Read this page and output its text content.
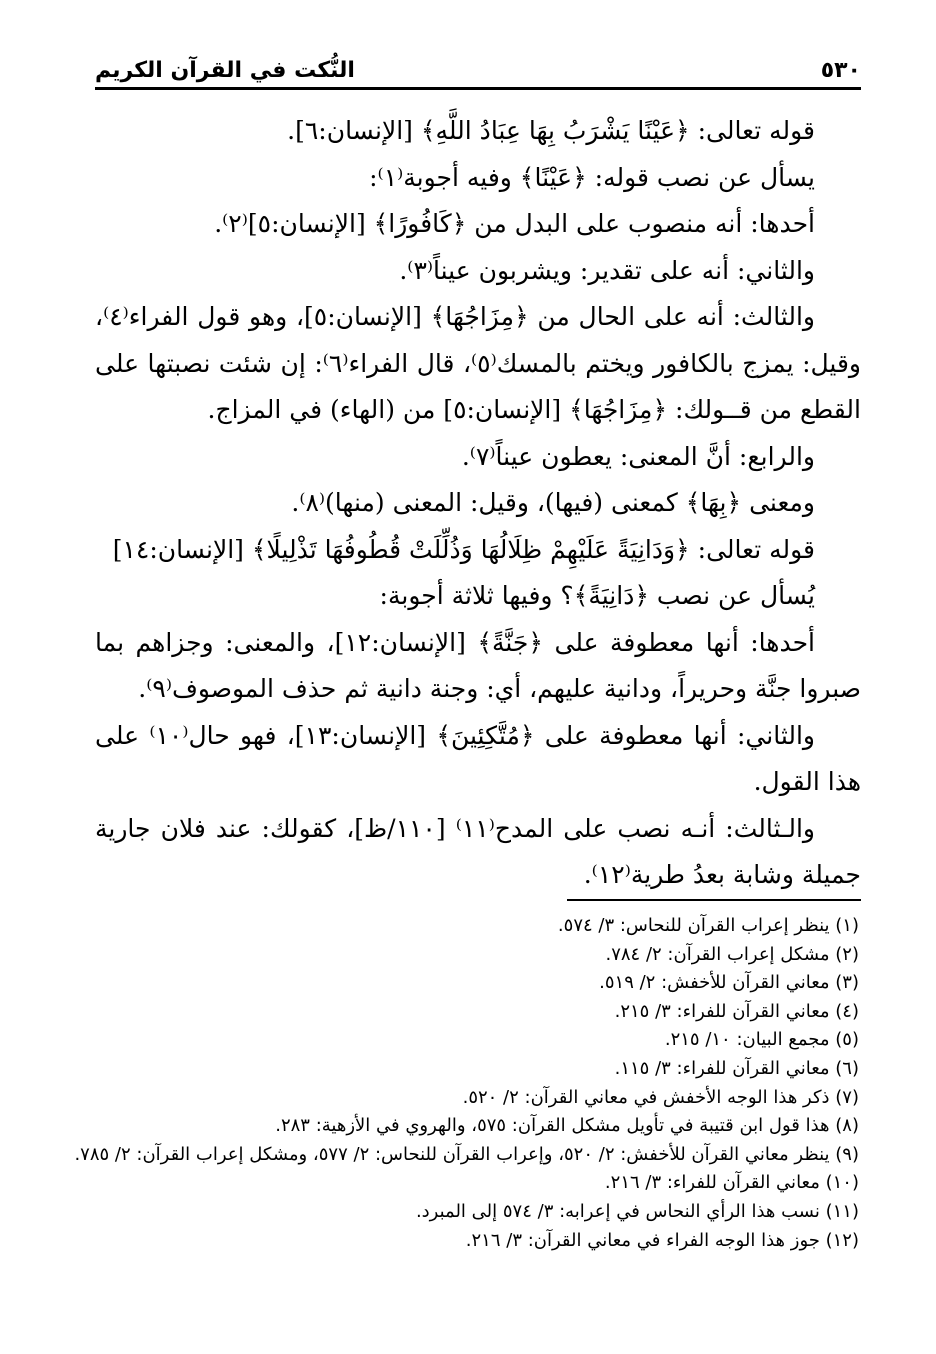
٥٣٠
النُّكت في القرآن الكريم

قوله تعالى: ﴿عَيْنًا يَشْرَبُ بِهَا عِبَادُ اللَّهِ﴾ [الإنسان:٦].

يسأل عن نصب قوله: ﴿عَيْنًا﴾ وفيه أجوبة⁽١⁾:

أحدها: أنه منصوب على البدل من ﴿كَافُورًا﴾ [الإنسان:٥]⁽٢⁾.

والثاني: أنه على تقدير: ويشربون عيناً⁽٣⁾.

والثالث: أنه على الحال من ﴿مِزَاجُهَا﴾ [الإنسان:٥]، وهو قول الفراء⁽٤⁾، وقيل: يمزج بالكافور ويختم بالمسك⁽٥⁾، قال الفراء⁽٦⁾: إن شئت نصبتها على القطع من قــولك: ﴿مِزَاجُهَا﴾ [الإنسان:٥] من (الهاء) في المزاج.

والرابع: أنَّ المعنى: يعطون عيناً⁽٧⁾.

ومعنى ﴿بِهَا﴾ كمعنى (فيها)، وقيل: المعنى (منها)⁽٨⁾.

قوله تعالى: ﴿وَدَانِيَةً عَلَيْهِمْ ظِلَالُهَا وَذُلِّلَتْ قُطُوفُهَا تَذْلِيلًا﴾ [الإنسان:١٤]

يُسأل عن نصب ﴿دَانِيَةً﴾؟ وفيها ثلاثة أجوبة:

أحدها: أنها معطوفة على ﴿جَنَّةً﴾ [الإنسان:١٢]، والمعنى: وجزاهم بما صبروا جنَّة وحريراً، ودانية عليهم، أي: وجنة دانية ثم حذف الموصوف⁽٩⁾.

والثاني: أنها معطوفة على ﴿مُتَّكِئِينَ﴾ [الإنسان:١٣]، فهو حال⁽١٠⁾ على هذا القول.

والـثالث: أنـه نصب على المدح⁽١١⁾ [١١٠/ظ]، كقولك: عند فلان جارية جميلة وشابة بعدُ طرية⁽١٢⁾.

(١) ينظر إعراب القرآن للنحاس: ٣/ ٥٧٤.

(٢) مشكل إعراب القرآن: ٢/ ٧٨٤.

(٣) معاني القرآن للأخفش: ٢/ ٥١٩.

(٤) معاني القرآن للفراء: ٣/ ٢١٥.

(٥) مجمع البيان: ١٠/ ٢١٥.

(٦) معاني القرآن للفراء: ٣/ ١١٥.

(٧) ذكر هذا الوجه الأخفش في معاني القرآن: ٢/ ٥٢٠.

(٨) هذا قول ابن قتيبة في تأويل مشكل القرآن: ٥٧٥، والهروي في الأزهية: ٢٨٣.

(٩) ينظر معاني القرآن للأخفش: ٢/ ٥٢٠، وإعراب القرآن للنحاس: ٢/ ٥٧٧، ومشكل إعراب القرآن: ٢/ ٧٨٥.

(١٠) معاني القرآن للفراء: ٣/ ٢١٦.

(١١) نسب هذا الرأي النحاس في إعرابه: ٣/ ٥٧٤ إلى المبرد.

(١٢) جوز هذا الوجه الفراء في معاني القرآن: ٣/ ٢١٦.
